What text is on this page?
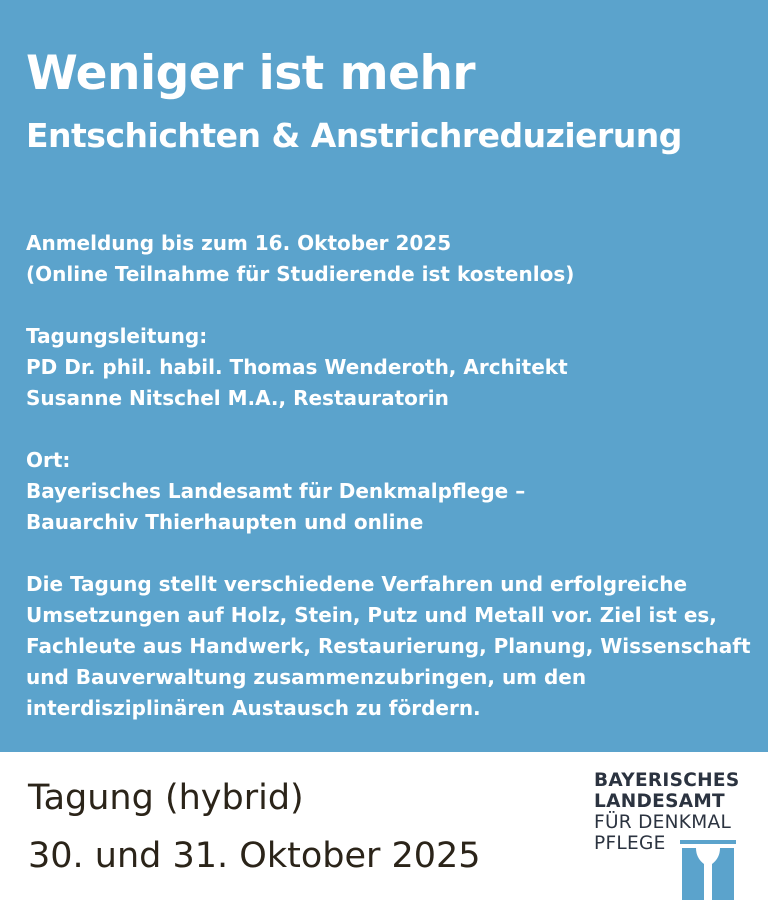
Weniger ist mehr
Entschichten & Anstrichreduzierung

Anmeldung bis zum 16. Oktober 2025
(Online Teilnahme für Studierende ist kostenlos)

Tagungsleitung:
PD Dr. phil. habil. Thomas Wenderoth, Architekt
Susanne Nitschel M.A., Restauratorin

Ort:
Bayerisches Landesamt für Denkmalpflege –
Bauarchiv Thierhaupten und online

Die Tagung stellt verschiedene Verfahren und erfolgreiche
Umsetzungen auf Holz, Stein, Putz und Metall vor. Ziel ist es,
Fachleute aus Handwerk, Restaurierung, Planung, Wissenschaft
und Bauverwaltung zusammenzubringen, um den
interdisziplinären Austausch zu fördern.

Tagung (hybrid)
30. und 31. Oktober 2025
BAYERISCHES
LANDESAMT
FÜR DENKMAL
PFLEGE
